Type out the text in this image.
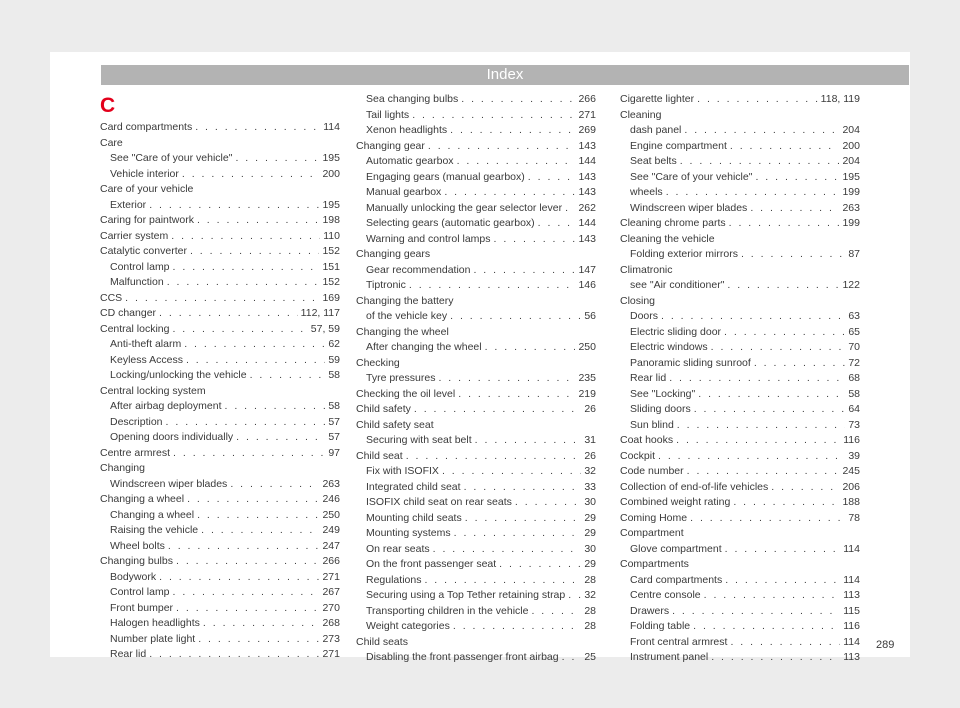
Index
C
Card compartments . . .	114
Care
See "Care of your vehicle" . . .	195
Vehicle interior . . .	200
Care of your vehicle
Exterior . . .	195
Caring for paintwork . . .	198
Carrier system . . .	110
Catalytic converter . . .	152
Control lamp . . .	151
Malfunction . . .	152
CCS . . .	169
CD changer . . .	112, 117
Central locking . . .	57, 59
Anti-theft alarm . . .	62
Keyless Access . . .	59
Locking/unlocking the vehicle . . .	58
Central locking system
After airbag deployment . . .	58
Description . . .	57
Opening doors individually . . .	57
Centre armrest . . .	97
Changing
Windscreen wiper blades . . .	263
Changing a wheel . . .	246
Changing a wheel . . .	250
Raising the vehicle . . .	249
Wheel bolts . . .	247
Changing bulbs . . .	266
Bodywork . . .	271
Control lamp . . .	267
Front bumper . . .	270
Halogen headlights . . .	268
Number plate light . . .	273
Rear lid . . .	271
Sea changing bulbs . . .	266
Tail lights . . .	271
Xenon headlights . . .	269
Changing gear . . .	143
Automatic gearbox . . .	144
Engaging gears (manual gearbox) . . .	143
Manual gearbox . . .	143
Manually unlocking the gear selector lever . . . 262
Selecting gears (automatic gearbox) . . .	144
Warning and control lamps . . .	143
Changing gears
Gear recommendation . . .	147
Tiptronic . . .	146
Changing the battery
of the vehicle key . . .	56
Changing the wheel
After changing the wheel . . .	250
Checking
Tyre pressures . . .	235
Checking the oil level . . .	219
Child safety . . .	26
Child safety seat
Securing with seat belt . . .	31
Child seat . . .	26
Fix with ISOFIX . . .	32
Integrated child seat . . .	33
ISOFIX child seat on rear seats . . .	30
Mounting child seats . . .	29
Mounting systems . . .	29
On rear seats . . .	30
On the front passenger seat . . .	29
Regulations . . .	28
Securing using a Top Tether retaining strap . . . 32
Transporting children in the vehicle . . .	28
Weight categories . . .	28
Child seats
Disabling the front passenger front airbag . . . 25
Cigarette lighter . . .	118, 119
Cleaning
dash panel . . .	204
Engine compartment . . .	200
Seat belts . . .	204
See "Care of your vehicle" . . .	195
wheels . . .	199
Windscreen wiper blades . . .	263
Cleaning chrome parts . . .	199
Cleaning the vehicle
Folding exterior mirrors . . .	87
Climatronic
see "Air conditioner" . . .	122
Closing
Doors . . .	63
Electric sliding door . . .	65
Electric windows . . .	70
Panoramic sliding sunroof . . .	72
Rear lid . . .	68
See "Locking" . . .	58
Sliding doors . . .	64
Sun blind . . .	73
Coat hooks . . .	116
Cockpit . . .	39
Code number . . .	245
Collection of end-of-life vehicles . . .	206
Combined weight rating . . .	188
Coming Home . . .	78
Compartment
Glove compartment . . .	114
Compartments
Card compartments . . .	114
Centre console . . .	113
Drawers . . .	115
Folding table . . .	116
Front central armrest . . .	114
Instrument panel . . .	113
289
